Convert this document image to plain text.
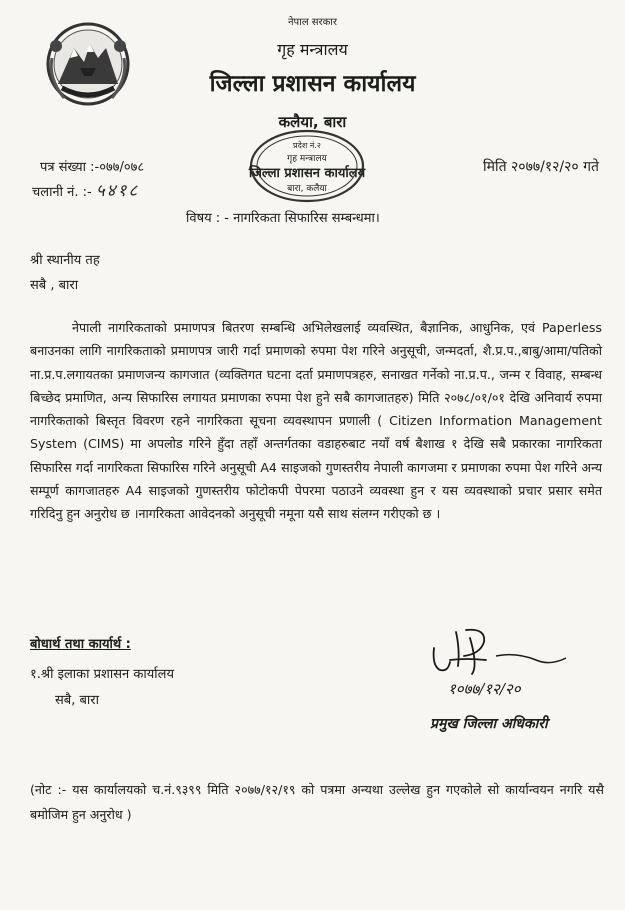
नेपाल सरकार
गृह मन्त्रालय
जिल्ला प्रशासन कार्यालय
कलैया, बारा
प्रदेश नं.२
गृह मन्त्रालय
जिल्ला प्रशासन कार्यालय
बारा, कलैया
पत्र संख्या :-०७७/०७८
चलानी नं. :- ५४१८
मिति २०७७/१२/२० गते
विषय : - नागरिकता सिफारिस सम्बन्धमा।
श्री स्थानीय तह
सबै , बारा
नेपाली नागरिकताको प्रमाणपत्र बितरण सम्बन्धि अभिलेखलाई व्यवस्थित, बैज्ञानिक, आधुनिक, एवं Paperless बनाउनका लागि नागरिकताको प्रमाणपत्र जारी गर्दा प्रमाणको रुपमा पेश गरिने अनुसूची, जन्मदर्ता, शै.प्र.प.,बाबु/आमा/पतिको ना.प्र.प.लगायतका प्रमाणजन्य कागजात (व्यक्तिगत घटना दर्ता प्रमाणपत्रहरु, सनाखत गर्नेको ना.प्र.प., जन्म र विवाह, सम्बन्ध बिच्छेद प्रमाणित, अन्य सिफारिस लगायत प्रमाणका रुपमा पेश हुने सबै कागजातहरु) मिति २०७८/०१/०१ देखि अनिवार्य रुपमा नागरिकताको बिस्तृत विवरण रहने नागरिकता सूचना व्यवस्थापन प्रणाली ( Citizen Information Management System (CIMS) मा अपलोड गरिने हुँदा तहाँ अन्तर्गतका वडाहरुबाट नयाँ वर्ष बैशाख १ देखि सबै प्रकारका नागरिकता सिफारिस गर्दा नागरिकता सिफारिस गरिने अनुसूची A4 साइजको गुणस्तरीय नेपाली कागजमा र प्रमाणका रुपमा पेश गरिने अन्य सम्पूर्ण कागजातहरु A4 साइजको गुणस्तरीय फोटोकपी पेपरमा पठाउने व्यवस्था हुन र यस व्यवस्थाको प्रचार प्रसार समेत गरिदिनु हुन अनुरोध छ ।नागरिकता आवेदनको अनुसूची नमूना यसै साथ संलग्न गरीएको छ ।
बोधार्थ तथा कार्यार्थ :
१.श्री इलाका प्रशासन कार्यालय
सबै, बारा
१०७७/१२/२०
प्रमुख जिल्ला अधिकारी
(नोट :- यस कार्यालयको च.नं.९३९९ मिति २०७७/१२/१९ को पत्रमा अन्यथा उल्लेख हुन गएकोले सो कार्यान्वयन नगरि यसै बमोजिम हुन अनुरोध )
